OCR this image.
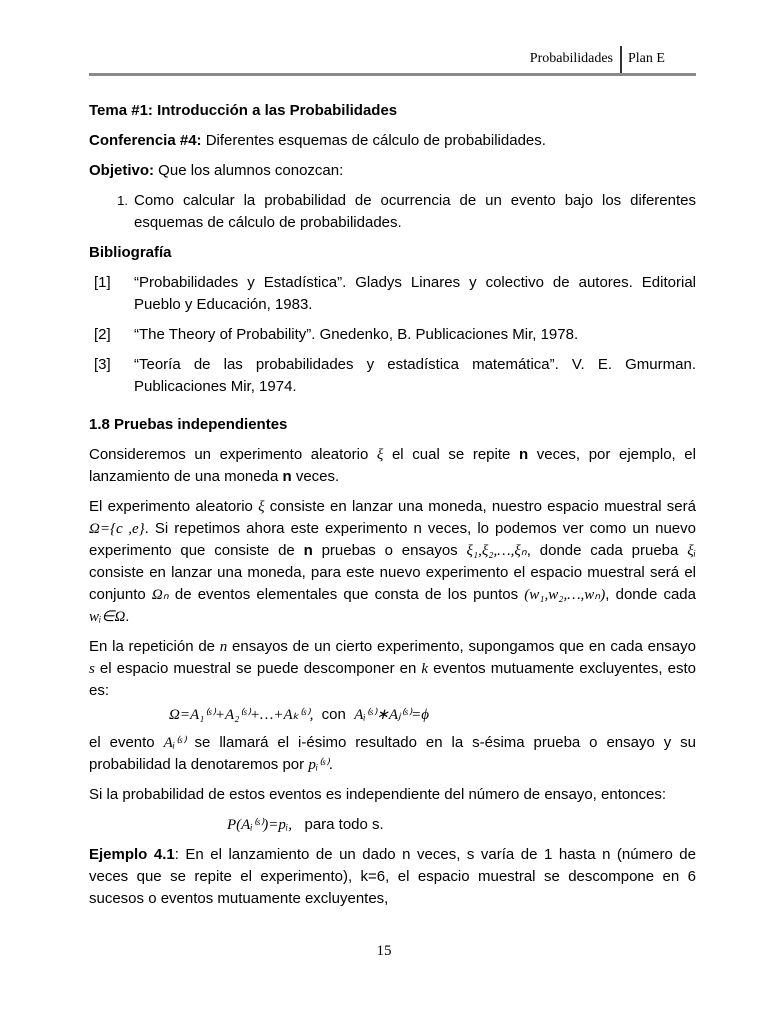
Probabilidades Plan E

Tema #1: Introducción a las Probabilidades

Conferencia #4: Diferentes esquemas de cálculo de probabilidades.

Objetivo: Que los alumnos conozcan:

1. Como calcular la probabilidad de ocurrencia de un evento bajo los diferentes esquemas de cálculo de probabilidades.

Bibliografía

[1]	“Probabilidades y Estadística”. Gladys Linares y colectivo de autores. Editorial Pueblo y Educación, 1983.
[2]	“The Theory of Probability”. Gnedenko, B. Publicaciones Mir, 1978.
[3]	“Teoría de las probabilidades y estadística matemática”. V. E. Gmurman. Publicaciones Mir, 1974.

1.8 Pruebas independientes

Consideremos un experimento aleatorio ξ el cual se repite n veces, por ejemplo, el lanzamiento de una moneda n veces.

El experimento aleatorio ξ consiste en lanzar una moneda, nuestro espacio muestral será Ω={c ,e}. Si repetimos ahora este experimento n veces, lo podemos ver como un nuevo experimento que consiste de n pruebas o ensayos ξ₁,ξ₂,…,ξₙ, donde cada prueba ξᵢ consiste en lanzar una moneda, para este nuevo experimento el espacio muestral será el conjunto Ωₙ de eventos elementales que consta de los puntos (w₁,w₂,…,wₙ), donde cada wᵢ∈Ω.

En la repetición de n ensayos de un cierto experimento, supongamos que en cada ensayo s el espacio muestral se puede descomponer en k eventos mutuamente excluyentes, esto es:

Ω=A₁⁽ˢ⁾+A₂⁽ˢ⁾+…+Aₖ⁽ˢ⁾,  con  Aᵢ⁽ˢ⁾∗Aⱼ⁽ˢ⁾=ϕ

el evento Aᵢ⁽ˢ⁾ se llamará el i-ésimo resultado en la s-ésima prueba o ensayo y su probabilidad la denotaremos por pᵢ⁽ˢ⁾.

Si la probabilidad de estos eventos es independiente del número de ensayo, entonces:

P(Aᵢ⁽ˢ⁾)=pᵢ,   para todo s.

Ejemplo 4.1: En el lanzamiento de un dado n veces, s varía de 1 hasta n (número de veces que se repite el experimento), k=6, el espacio muestral se descompone en 6 sucesos o eventos mutuamente excluyentes,

15
